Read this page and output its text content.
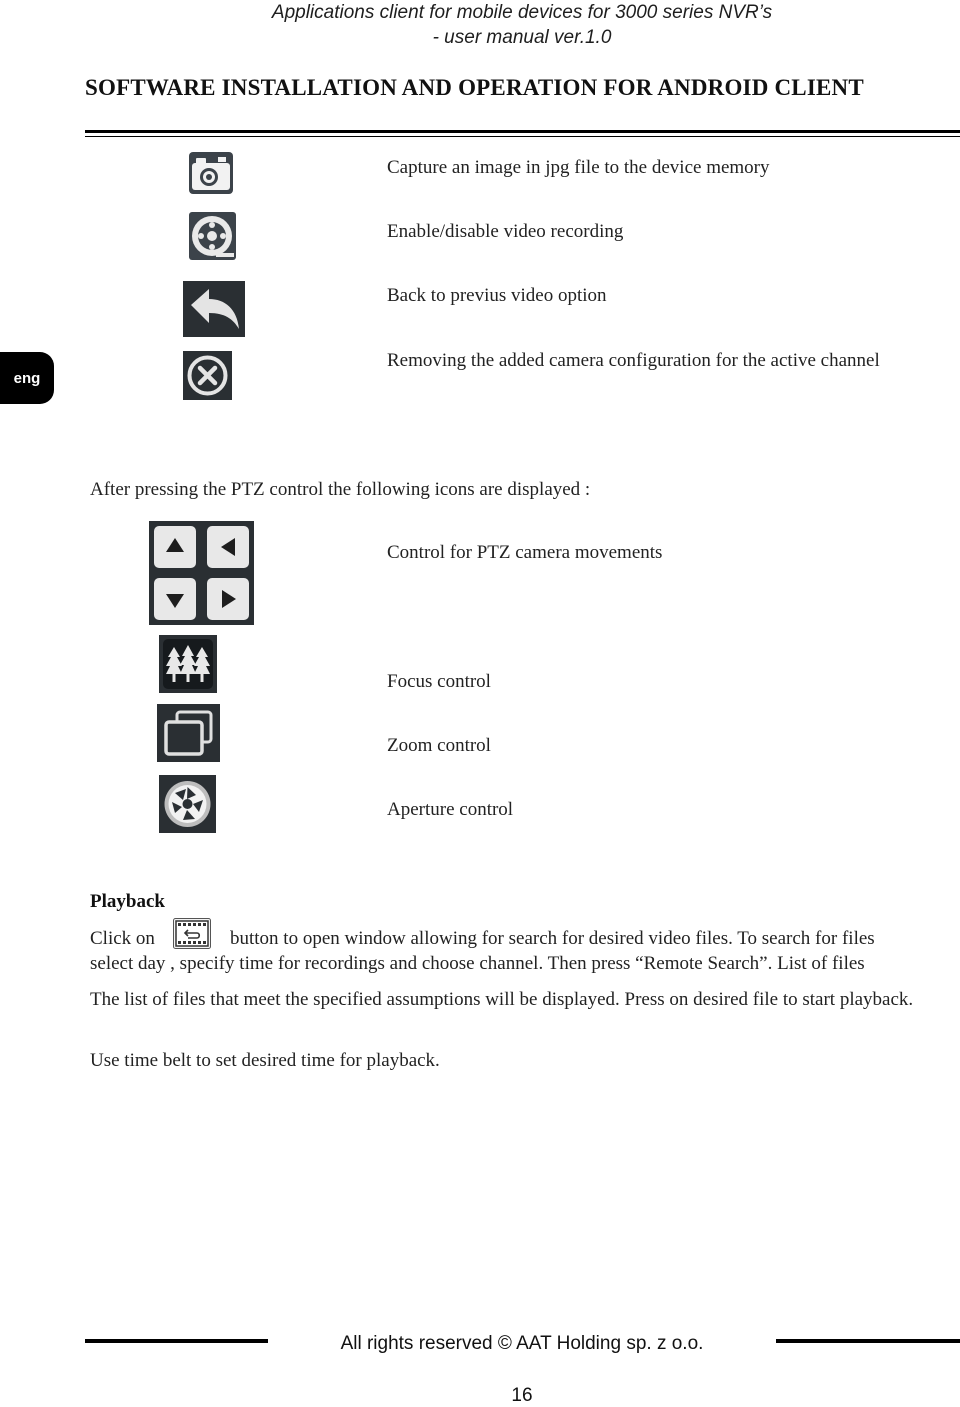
Applications client for mobile devices for 3000 series NVR’s
- user manual ver.1.0
SOFTWARE INSTALLATION AND OPERATION FOR ANDROID CLIENT
eng
Capture an image in jpg file to the device memory
Enable/disable video recording
Back to previus video option
Removing the added camera configuration for the active channel
After pressing the PTZ control the following icons are displayed :
Control for PTZ camera movements
Focus control
Zoom control
Aperture control
Playback
Click on	button to open window allowing for search for desired video files. To search for files
select day , specify time for recordings and choose channel. Then press “Remote Search”. List of files
The list of files that meet the specified assumptions will be displayed. Press on desired file to start playback.
Use time belt to set desired time for playback.
All rights reserved © AAT Holding sp. z o.o.
16
